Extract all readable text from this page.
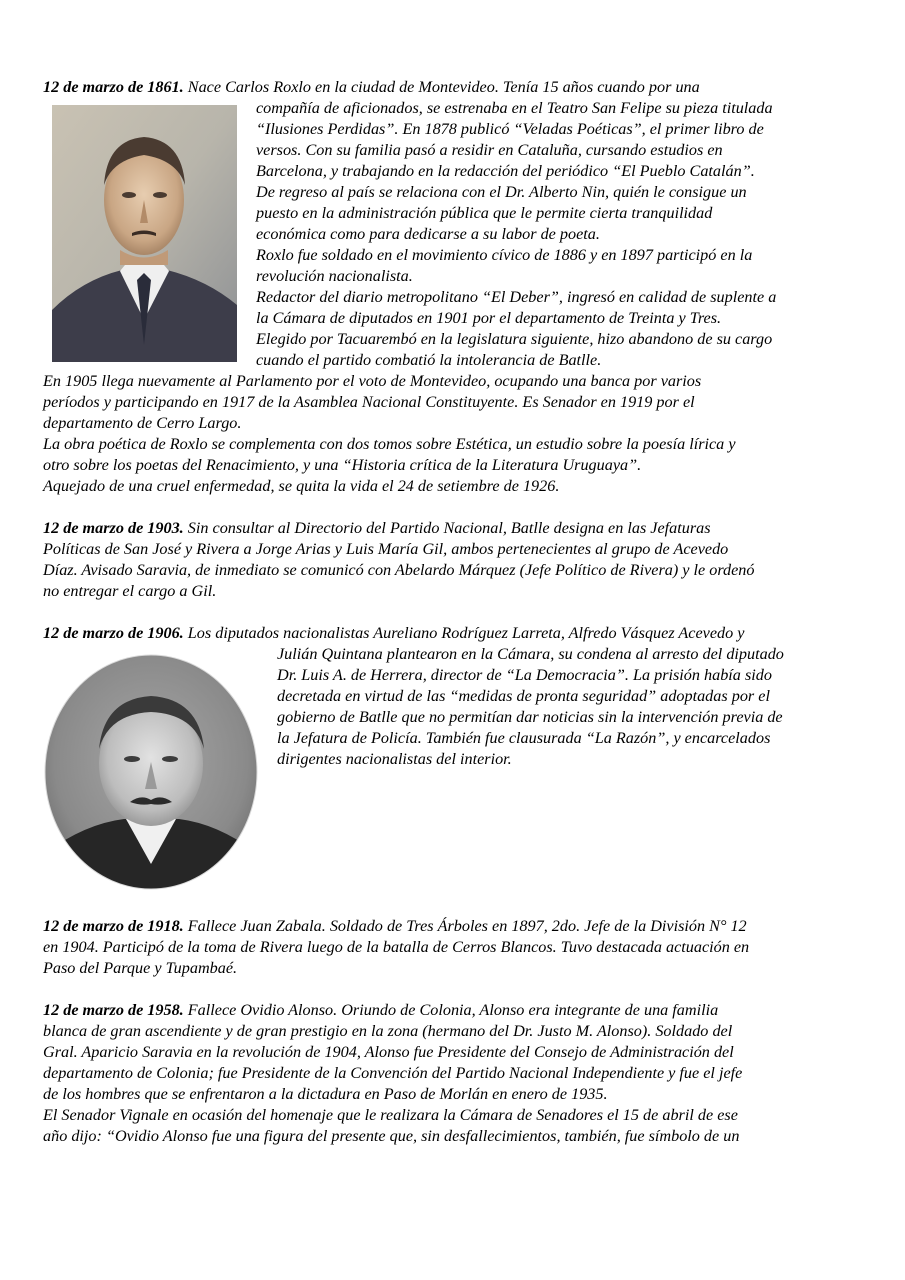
12 de marzo de 1861. Nace Carlos Roxlo en la ciudad de Montevideo. Tenía 15 años cuando por una

compañía de aficionados, se estrenaba en el Teatro San Felipe su pieza titulada

“Ilusiones Perdidas”. En 1878 publicó “Veladas Poéticas”, el primer libro de

versos. Con su familia pasó a residir en Cataluña, cursando estudios en

Barcelona, y trabajando en la redacción del periódico “El Pueblo Catalán”.

De regreso al país se relaciona con el Dr. Alberto Nin, quién le consigue un

puesto en la administración pública que le permite cierta tranquilidad

económica como para dedicarse a su labor de poeta.

Roxlo fue soldado en el movimiento cívico de 1886 y en 1897 participó en la

revolución nacionalista.

Redactor del diario metropolitano “El Deber”, ingresó en calidad de suplente a

la Cámara de diputados en 1901 por el departamento de Treinta y Tres.

Elegido por Tacuarembó en la legislatura siguiente, hizo abandono de su cargo

cuando el partido combatió la intolerancia de Batlle.

En 1905 llega nuevamente al Parlamento por el voto de Montevideo, ocupando una banca por varios

períodos y participando en 1917 de la Asamblea Nacional Constituyente. Es Senador en 1919 por el

departamento de Cerro Largo.

La obra poética de Roxlo se complementa con dos tomos sobre Estética, un estudio sobre la poesía lírica y

otro sobre los poetas del Renacimiento, y una “Historia crítica de la Literatura Uruguaya”.

Aquejado de una cruel enfermedad, se quita la vida el 24 de setiembre de 1926.

12 de marzo de 1903. Sin consultar al Directorio del Partido Nacional, Batlle designa en las Jefaturas

Políticas de San José y Rivera a Jorge Arias y Luis María Gil, ambos pertenecientes al grupo de Acevedo

Díaz. Avisado Saravia, de inmediato se comunicó con Abelardo Márquez (Jefe Político de Rivera) y le ordenó

no entregar el cargo a Gil.

12 de marzo de 1906. Los diputados nacionalistas Aureliano Rodríguez Larreta, Alfredo Vásquez Acevedo y

Julián Quintana plantearon en la Cámara, su condena al arresto del diputado

Dr. Luis A. de Herrera, director de “La Democracia”. La prisión había sido

decretada en virtud de las “medidas de pronta seguridad” adoptadas por el

gobierno de Batlle que no permitían dar noticias sin la intervención previa de

la Jefatura de Policía. También fue clausurada “La Razón”, y encarcelados

dirigentes nacionalistas del interior.

12 de marzo de 1918. Fallece Juan Zabala. Soldado de Tres Árboles en 1897, 2do. Jefe de la División N° 12

en 1904. Participó de la toma de Rivera luego de la batalla de Cerros Blancos. Tuvo destacada actuación en

Paso del Parque y Tupambaé.

12 de marzo de 1958. Fallece Ovidio Alonso. Oriundo de Colonia, Alonso era integrante de una familia

blanca de gran ascendiente y de gran prestigio en la zona (hermano del Dr. Justo M. Alonso). Soldado del

Gral. Aparicio Saravia en la revolución de 1904, Alonso fue Presidente del Consejo de Administración del

departamento de Colonia; fue Presidente de la Convención del Partido Nacional Independiente y fue el jefe

de los hombres que se enfrentaron a la dictadura en Paso de Morlán en enero de 1935.

El Senador Vignale en ocasión del homenaje que le realizara la Cámara de Senadores el 15 de abril de ese

año dijo: “Ovidio Alonso fue una figura del presente que, sin desfallecimientos, también, fue símbolo de un
